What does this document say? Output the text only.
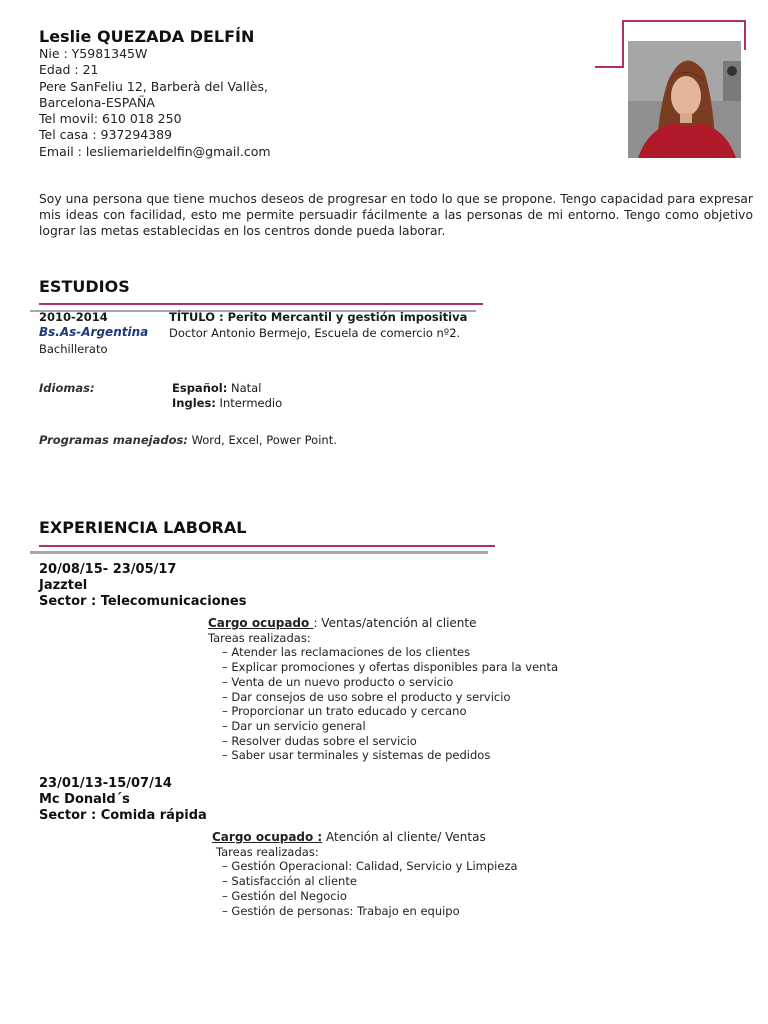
Leslie QUEZADA DELFÍN
Nie : Y5981345W
Edad : 21
Pere SanFeliu 12, Barberà del Vallès,
Barcelona-ESPAÑA
Tel movil: 610 018 250
Tel casa : 937294389
Email : lesliemarieldelfin@gmail.com
Soy una persona que tiene muchos deseos de progresar en todo lo que se propone. Tengo capacidad para expresar mis ideas con facilidad, esto me permite persuadir fácilmente a las personas de mi entorno. Tengo como objetivo lograr las metas establecidas en los centros donde pueda laborar.
ESTUDIOS
2010-2014	TÍTULO : Perito Mercantil y gestión impositiva
Bs.As-Argentina Doctor Antonio Bermejo, Escuela de comercio nº2.
Bachillerato
Idiomas:	Español: Natal
Ingles: Intermedio
Programas manejados: Word, Excel, Power Point.
EXPERIENCIA LABORAL
20/08/15- 23/05/17
Jazztel
Sector : Telecomunicaciones
Cargo ocupado : Ventas/atención al cliente
Tareas realizadas:
– Atender las reclamaciones de los clientes
– Explicar promociones y ofertas disponibles para la venta
– Venta de un nuevo producto o servicio
– Dar consejos de uso sobre el producto y servicio
– Proporcionar un trato educado y cercano
– Dar un servicio general
– Resolver dudas sobre el servicio
– Saber usar terminales y sistemas de pedidos
23/01/13-15/07/14
Mc Donald´s
Sector : Comida rápida
Cargo ocupado : Atención al cliente/ Ventas
Tareas realizadas:
– Gestión Operacional: Calidad, Servicio y Limpieza
– Satisfacción al cliente
– Gestión del Negocio
– Gestión de personas: Trabajo en equipo
